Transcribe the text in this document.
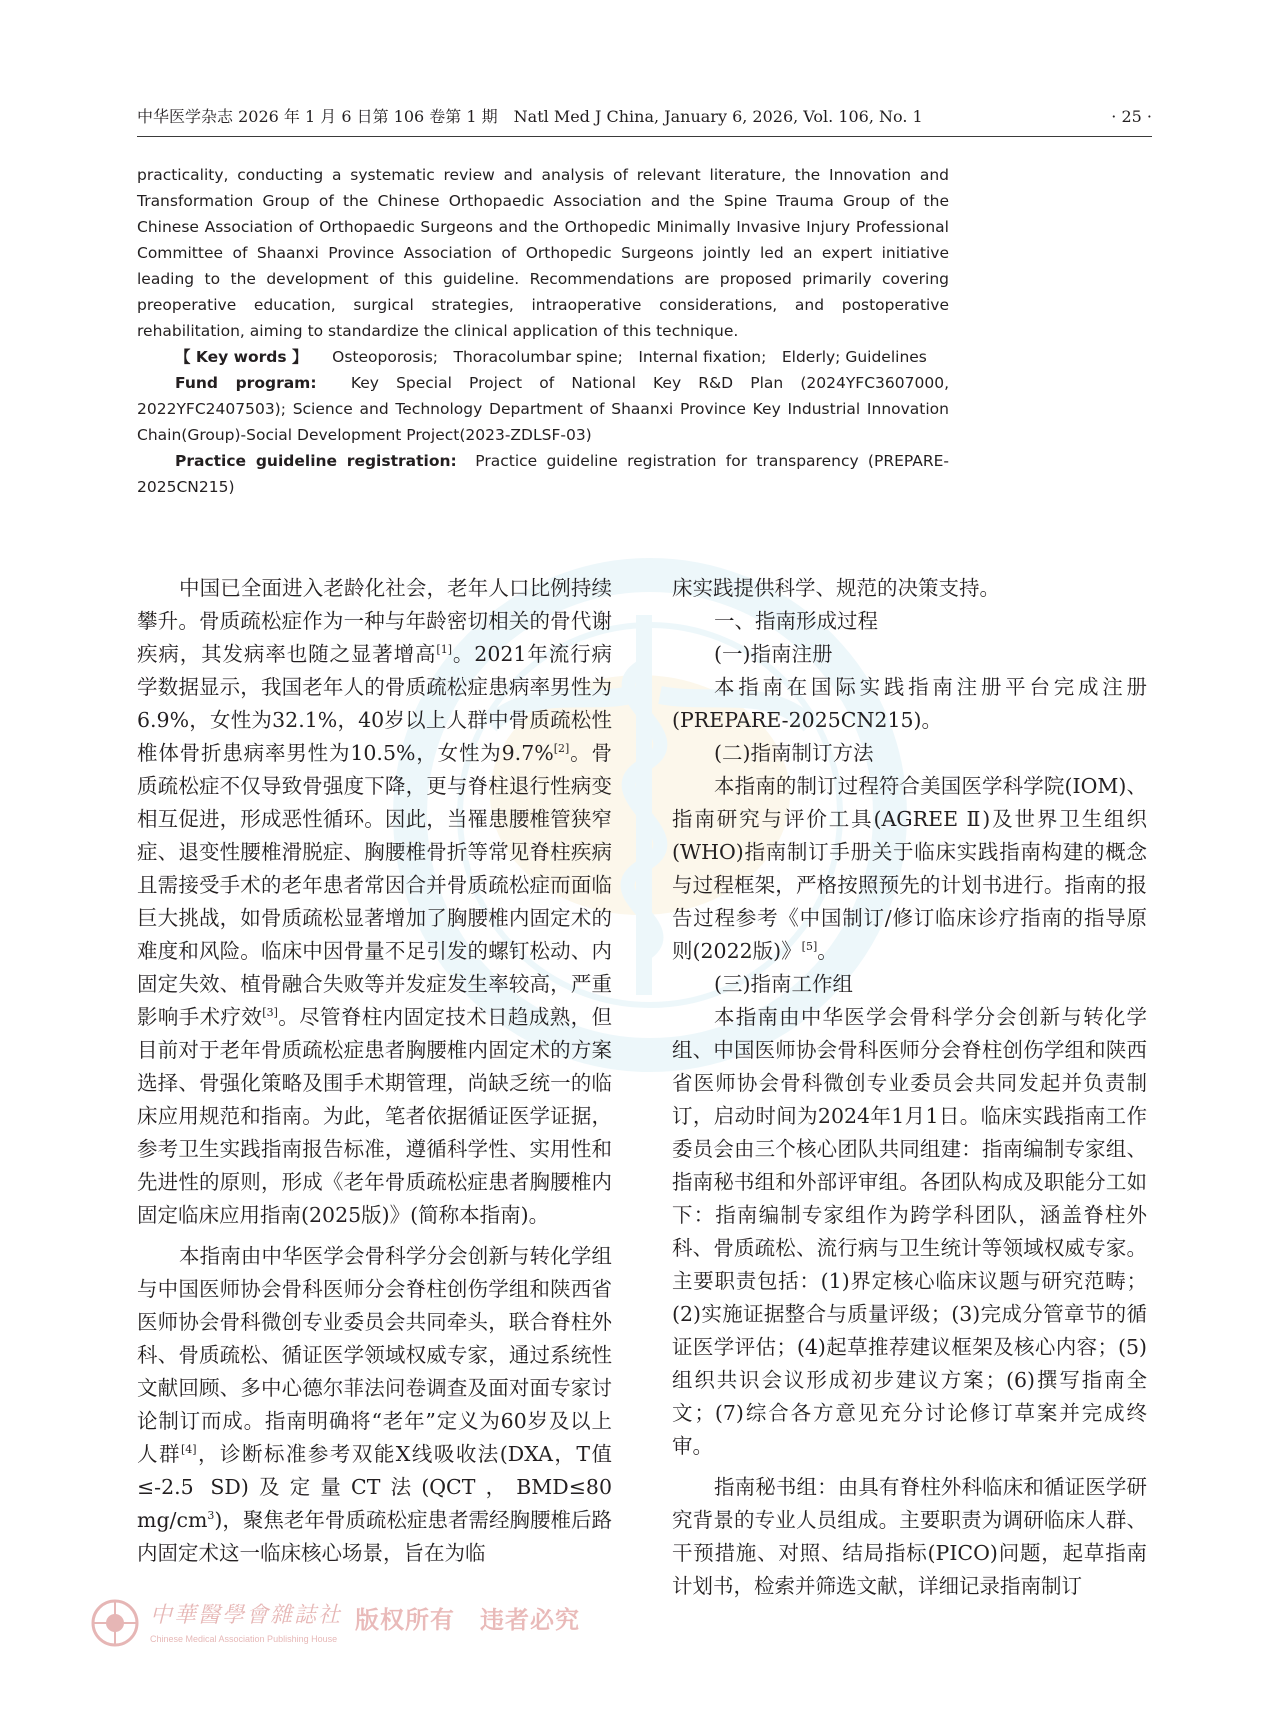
中华医学杂志 2026 年 1 月 6 日第 106 卷第 1 期　Natl Med J China, January 6, 2026, Vol. 106, No. 1	· 25 ·

practicality, conducting a systematic review and analysis of relevant literature, the Innovation and Transformation Group of the Chinese Orthopaedic Association and the Spine Trauma Group of the Chinese Association of Orthopaedic Surgeons and the Orthopedic Minimally Invasive Injury Professional Committee of Shaanxi Province Association of Orthopedic Surgeons jointly led an expert initiative leading to the development of this guideline. Recommendations are proposed primarily covering preoperative education, surgical strategies, intraoperative considerations, and postoperative rehabilitation, aiming to standardize the clinical application of this technique.

【 Key words 】 Osteoporosis;　Thoracolumbar spine;　Internal fixation;　Elderly; Guidelines

Fund program: Key Special Project of National Key R&D Plan (2024YFC3607000, 2022YFC2407503); Science and Technology Department of Shaanxi Province Key Industrial Innovation Chain(Group)-Social Development Project(2023-ZDLSF-03)

Practice guideline registration: Practice guideline registration for transparency (PREPARE-2025CN215)

中国已全面进入老龄化社会，老年人口比例持续攀升。骨质疏松症作为一种与年龄密切相关的骨代谢疾病，其发病率也随之显著增高[1]。2021年流行病学数据显示，我国老年人的骨质疏松症患病率男性为6.9%，女性为32.1%，40岁以上人群中骨质疏松性椎体骨折患病率男性为10.5%，女性为9.7%[2]。骨质疏松症不仅导致骨强度下降，更与脊柱退行性病变相互促进，形成恶性循环。因此，当罹患腰椎管狭窄症、退变性腰椎滑脱症、胸腰椎骨折等常见脊柱疾病且需接受手术的老年患者常因合并骨质疏松症而面临巨大挑战，如骨质疏松显著增加了胸腰椎内固定术的难度和风险。临床中因骨量不足引发的螺钉松动、内固定失效、植骨融合失败等并发症发生率较高，严重影响手术疗效[3]。尽管脊柱内固定技术日趋成熟，但目前对于老年骨质疏松症患者胸腰椎内固定术的方案选择、骨强化策略及围手术期管理，尚缺乏统一的临床应用规范和指南。为此，笔者依据循证医学证据，参考卫生实践指南报告标准，遵循科学性、实用性和先进性的原则，形成《老年骨质疏松症患者胸腰椎内固定临床应用指南(2025版)》(简称本指南)。

本指南由中华医学会骨科学分会创新与转化学组与中国医师协会骨科医师分会脊柱创伤学组和陕西省医师协会骨科微创专业委员会共同牵头，联合脊柱外科、骨质疏松、循证医学领域权威专家，通过系统性文献回顾、多中心德尔菲法问卷调查及面对面专家讨论制订而成。指南明确将“老年”定义为60岁及以上人群[4]，诊断标准参考双能X线吸收法(DXA，T值≤-2.5 SD)及定量CT法(QCT，BMD≤80 $mg/cm^3$)，聚焦老年骨质疏松症患者需经胸腰椎后路内固定术这一临床核心场景，旨在为临

床实践提供科学、规范的决策支持。

一、指南形成过程

(一)指南注册

本指南在国际实践指南注册平台完成注册(PREPARE-2025CN215)。

(二)指南制订方法

本指南的制订过程符合美国医学科学院(IOM)、指南研究与评价工具(AGREE Ⅱ)及世界卫生组织(WHO)指南制订手册关于临床实践指南构建的概念与过程框架，严格按照预先的计划书进行。指南的报告过程参考《中国制订/修订临床诊疗指南的指导原则(2022版)》[5]。

(三)指南工作组

本指南由中华医学会骨科学分会创新与转化学组、中国医师协会骨科医师分会脊柱创伤学组和陕西省医师协会骨科微创专业委员会共同发起并负责制订，启动时间为2024年1月1日。临床实践指南工作委员会由三个核心团队共同组建：指南编制专家组、指南秘书组和外部评审组。各团队构成及职能分工如下：指南编制专家组作为跨学科团队，涵盖脊柱外科、骨质疏松、流行病与卫生统计等领域权威专家。主要职责包括：(1)界定核心临床议题与研究范畴；(2)实施证据整合与质量评级；(3)完成分管章节的循证医学评估；(4)起草推荐建议框架及核心内容；(5)组织共识会议形成初步建议方案；(6)撰写指南全文；(7)综合各方意见充分讨论修订草案并完成终审。

指南秘书组：由具有脊柱外科临床和循证医学研究背景的专业人员组成。主要职责为调研临床人群、干预措施、对照、结局指标(PICO)问题，起草指南计划书，检索并筛选文献，详细记录指南制订

中華醫學會雜誌社
Chinese Medical Association Publishing House
版权所有　违者必究
